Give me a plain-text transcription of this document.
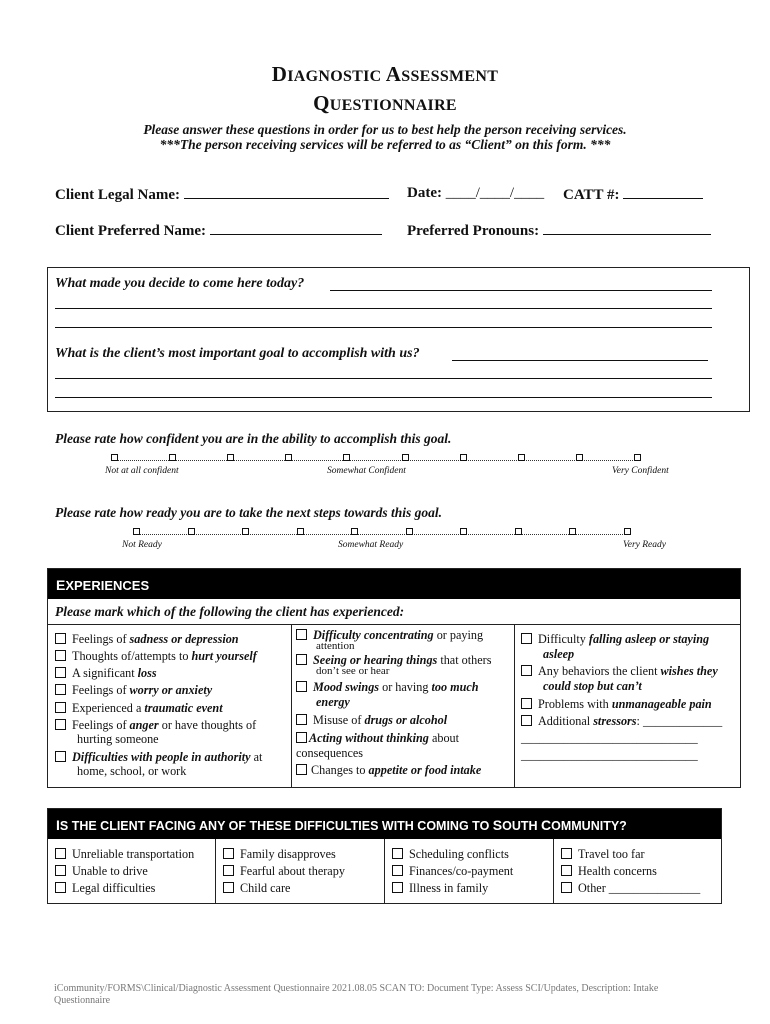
DIAGNOSTIC ASSESSMENT
QUESTIONNAIRE
Please answer these questions in order for us to best help the person receiving services.
***The person receiving services will be referred to as “Client” on this form. ***
Client Legal Name:	Date: ____/____/____ CATT #:
Client Preferred Name:	Preferred Pronouns:
What made you decide to come here today?
What is the client’s most important goal to accomplish with us?
Please rate how confident you are in the ability to accomplish this goal.
Not at all confident	Somewhat Confident	Very Confident
Please rate how ready you are to take the next steps towards this goal.
Not Ready	Somewhat Ready	Very Ready
EXPERIENCES
Please mark which of the following the client has experienced:
Feelings of sadness or depression
Thoughts of/attempts to hurt yourself
A significant loss
Feelings of worry or anxiety
Experienced a traumatic event
Feelings of anger or have thoughts of
hurting someone
Difficulties with people in authority at
home, school, or work
Difficulty concentrating or paying
attention
Seeing or hearing things that others
don’t see or hear
Mood swings or having too much
energy
Misuse of drugs or alcohol
Acting without thinking about
consequences
Changes to appetite or food intake
Difficulty falling asleep or staying
asleep
Any behaviors the client wishes they
could stop but can’t
Problems with unmanageable pain
Additional stressors: _____________
_____________________________
_____________________________
IS THE CLIENT FACING ANY OF THESE DIFFICULTIES WITH COMING TO SOUTH COMMUNITY?
Unreliable transportation
Unable to drive
Legal difficulties
Family disapproves
Fearful about therapy
Child care
Scheduling conflicts
Finances/co-payment
Illness in family
Travel too far
Health concerns
Other _______________
iCommunity/FORMS\Clinical/Diagnostic Assessment Questionnaire 2021.08.05 SCAN TO: Document Type: Assess SCI/Updates, Description: Intake Questionnaire
